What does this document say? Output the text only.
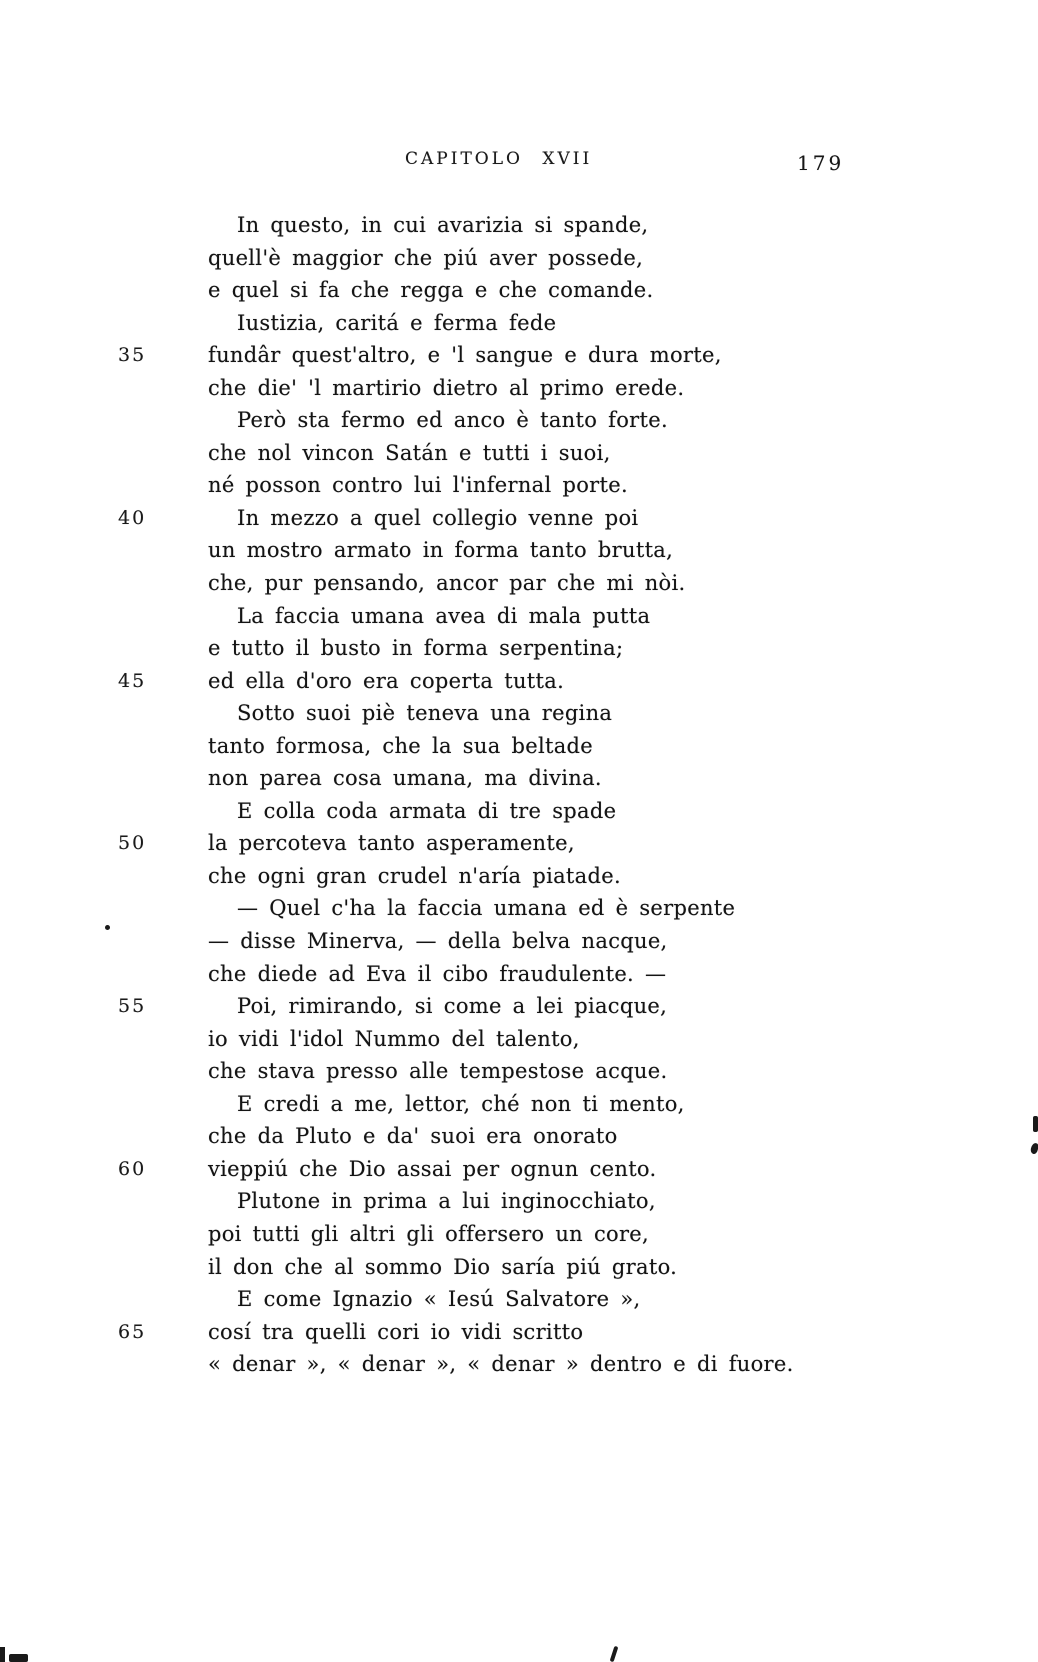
CAPITOLO XVII	179
In questo, in cui avarizia si spande,
quell'è maggior che piú aver possede,
e quel si fa che regga e che comande.
Iustizia, caritá e ferma fede
35	fundâr quest'altro, e 'l sangue e dura morte,
che die' 'l martirio dietro al primo erede.
Però sta fermo ed anco è tanto forte.
che nol vincon Satán e tutti i suoi,
né posson contro lui l'infernal porte.
40	In mezzo a quel collegio venne poi
un mostro armato in forma tanto brutta,
che, pur pensando, ancor par che mi nòi.
La faccia umana avea di mala putta
e tutto il busto in forma serpentina;
45	ed ella d'oro era coperta tutta.
Sotto suoi piè teneva una regina
tanto formosa, che la sua beltade
non parea cosa umana, ma divina.
E colla coda armata di tre spade
50	la percoteva tanto asperamente,
che ogni gran crudel n'aría piatade.
— Quel c'ha la faccia umana ed è serpente
— disse Minerva, — della belva nacque,
che diede ad Eva il cibo fraudulente. —
55	Poi, rimirando, si come a lei piacque,
io vidi l'idol Nummo del talento,
che stava presso alle tempestose acque.
E credi a me, lettor, ché non ti mento,
che da Pluto e da' suoi era onorato
60	vieppiú che Dio assai per ognun cento.
Plutone in prima a lui inginocchiato,
poi tutti gli altri gli offersero un core,
il don che al sommo Dio saría piú grato.
E come Ignazio « Iesú Salvatore »,
65	cosí tra quelli cori io vidi scritto
« denar », « denar », « denar » dentro e di fuore.
